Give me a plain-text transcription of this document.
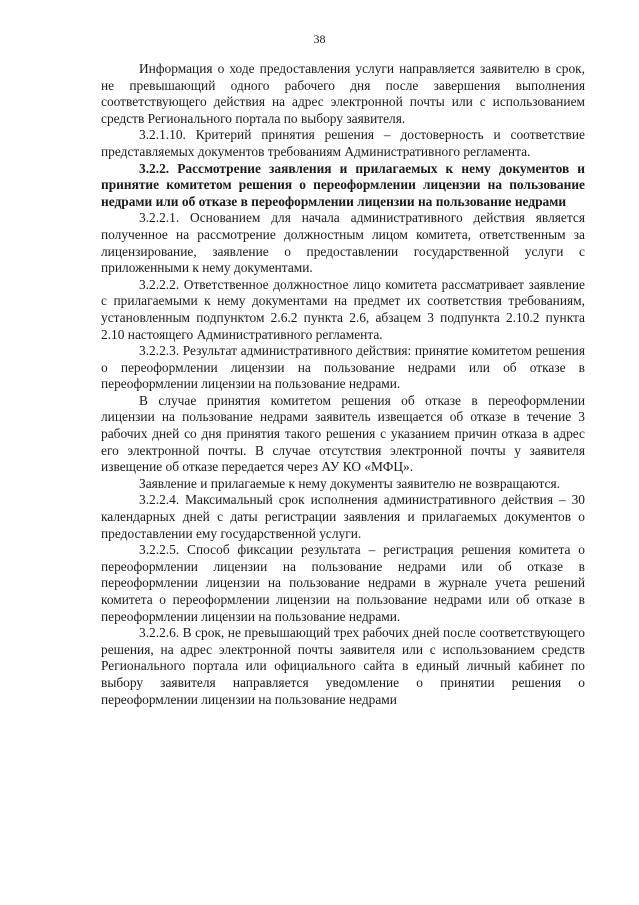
38

Информация о ходе предоставления услуги направляется заявителю в срок, не превышающий одного рабочего дня после завершения выполнения соответствующего действия на адрес электронной почты или с использованием средств Регионального портала по выбору заявителя.

3.2.1.10. Критерий принятия решения – достоверность и соответствие представляемых документов требованиям Административного регламента.

3.2.2. Рассмотрение заявления и прилагаемых к нему документов и принятие комитетом решения о переоформлении лицензии на пользование недрами или об отказе в переоформлении лицензии на пользование недрами

3.2.2.1. Основанием для начала административного действия является полученное на рассмотрение должностным лицом комитета, ответственным за лицензирование, заявление о предоставлении государственной услуги с приложенными к нему документами.

3.2.2.2. Ответственное должностное лицо комитета рассматривает заявление с прилагаемыми к нему документами на предмет их соответствия требованиям, установленным подпунктом 2.6.2 пункта 2.6, абзацем 3 подпункта 2.10.2 пункта 2.10 настоящего Административного регламента.

3.2.2.3. Результат административного действия: принятие комитетом решения о переоформлении лицензии на пользование недрами или об отказе в переоформлении лицензии на пользование недрами.

В случае принятия комитетом решения об отказе в переоформлении лицензии на пользование недрами заявитель извещается об отказе в течение 3 рабочих дней со дня принятия такого решения с указанием причин отказа в адрес его электронной почты. В случае отсутствия электронной почты у заявителя извещение об отказе передается через АУ КО «МФЦ».

Заявление и прилагаемые к нему документы заявителю не возвращаются.

3.2.2.4. Максимальный срок исполнения административного действия – 30 календарных дней с даты регистрации заявления и прилагаемых документов о предоставлении ему государственной услуги.

3.2.2.5. Способ фиксации результата – регистрация решения комитета о переоформлении лицензии на пользование недрами или об отказе в переоформлении лицензии на пользование недрами в журнале учета решений комитета о переоформлении лицензии на пользование недрами или об отказе в переоформлении лицензии на пользование недрами.

3.2.2.6. В срок, не превышающий трех рабочих дней после соответствующего решения, на адрес электронной почты заявителя или с использованием средств Регионального портала или официального сайта в единый личный кабинет по выбору заявителя направляется уведомление о принятии решения о переоформлении лицензии на пользование недрами
